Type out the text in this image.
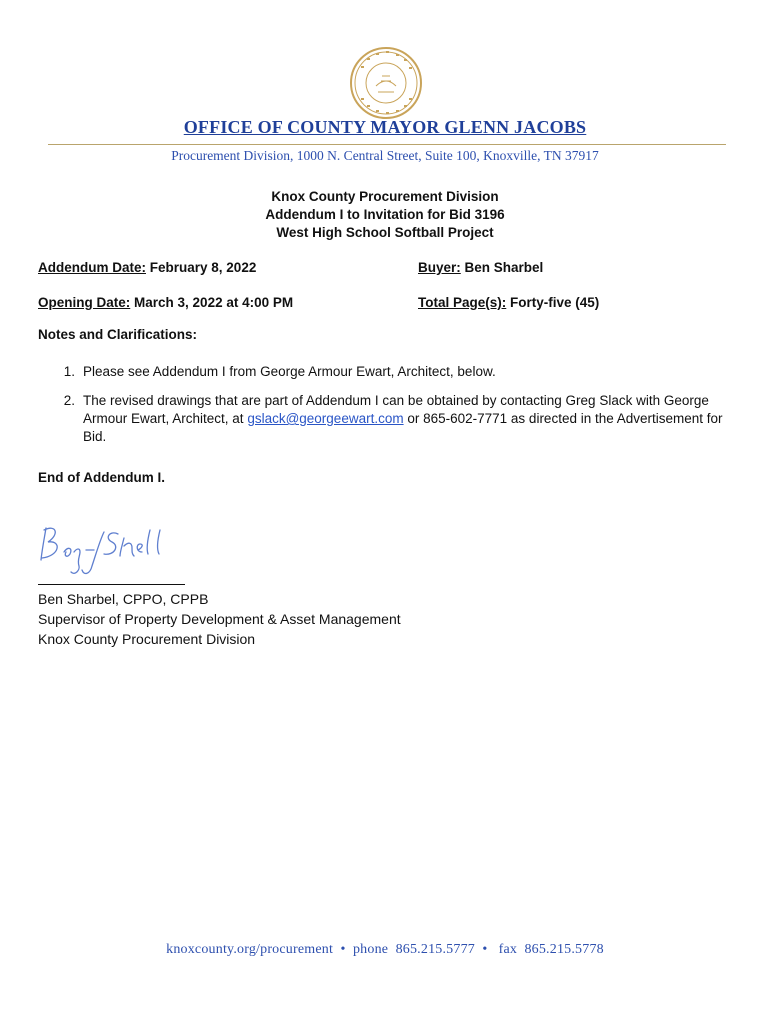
OFFICE OF COUNTY MAYOR GLENN JACOBS
Procurement Division, 1000 N. Central Street, Suite 100, Knoxville, TN 37917
Knox County Procurement Division
Addendum I to Invitation for Bid 3196
West High School Softball Project
Addendum Date: February 8, 2022	Buyer: Ben Sharbel
Opening Date: March 3, 2022 at 4:00 PM	Total Page(s): Forty-five (45)
Notes and Clarifications:
1. Please see Addendum I from George Armour Ewart, Architect, below.
2. The revised drawings that are part of Addendum I can be obtained by contacting Greg Slack with George Armour Ewart, Architect, at gslack@georgeewart.com or 865-602-7771 as directed in the Advertisement for Bid.
End of Addendum I.
Ben Sharbel, CPPO, CPPB
Supervisor of Property Development & Asset Management
Knox County Procurement Division
knoxcounty.org/procurement  •  phone  865.215.5777  •   fax  865.215.5778
